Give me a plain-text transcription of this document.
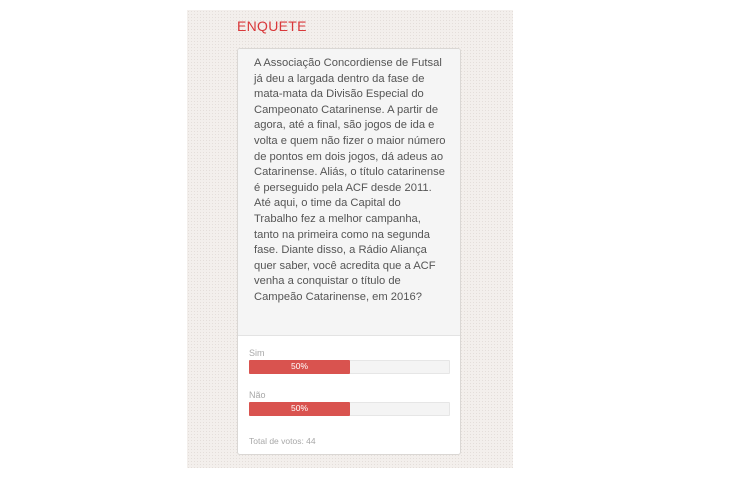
ENQUETE

A Associação Concordiense de Futsal já deu a largada dentro da fase de mata-mata da Divisão Especial do Campeonato Catarinense. A partir de agora, até a final, são jogos de ida e volta e quem não fizer o maior número de pontos em dois jogos, dá adeus ao Catarinense. Aliás, o título catarinense é perseguido pela ACF desde 2011. Até aqui, o time da Capital do Trabalho fez a melhor campanha, tanto na primeira como na segunda fase. Diante disso, a Rádio Aliança quer saber, você acredita que a ACF venha a conquistar o título de Campeão Catarinense, em 2016?

Sim
50%
Não
50%

Total de votos: 44
